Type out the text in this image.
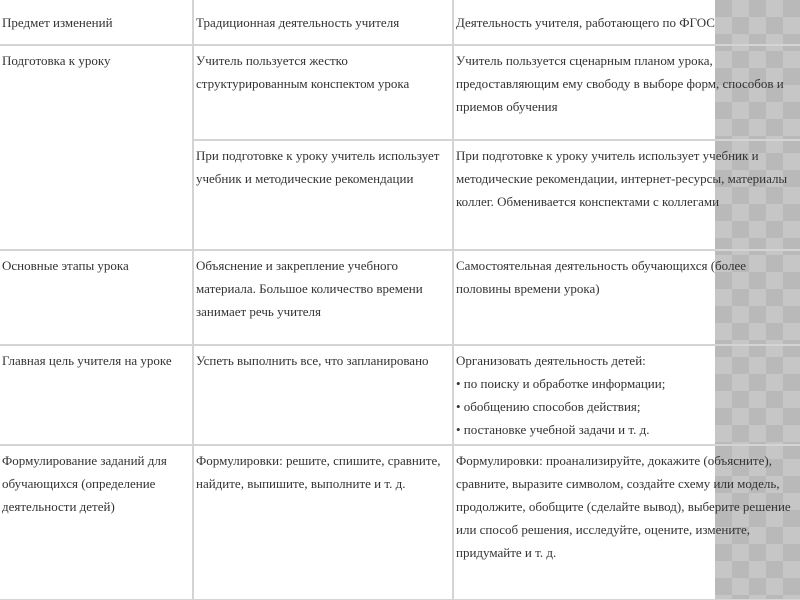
Предмет изменений	Традиционная деятельность учителя	Деятельность учителя, работающего по ФГОС
Подготовка к уроку	Учитель пользуется жестко структурированным конспектом урока	Учитель пользуется сценарным планом урока, предоставляющим ему свободу в выборе форм, способов и приемов обучения
	При подготовке к уроку учитель использует учебник и методические рекомендации	При подготовке к уроку учитель использует учебник и методические рекомендации, интернет-ресурсы, материалы коллег. Обменивается конспектами с коллегами
Основные этапы урока	Объяснение и закрепление учебного материала. Большое количество времени занимает речь учителя	Самостоятельная деятельность обучающихся (более половины времени урока)
Главная цель учителя на уроке	Успеть выполнить все, что запланировано	Организовать деятельность детей:

• по поиску и обработке информации;

• обобщению способов действия;

• постановке учебной задачи и т. д.

Формулирование заданий для обучающихся (определение деятельности детей)	Формулировки: решите, спишите, сравните, найдите, выпишите, выполните и т. д.	Формулировки: проанализируйте, докажите (объясните), сравните, выразите символом, создайте схему или модель, продолжите, обобщите (сделайте вывод), выберите решение или способ решения, исследуйте, оцените, измените, придумайте и т. д.
